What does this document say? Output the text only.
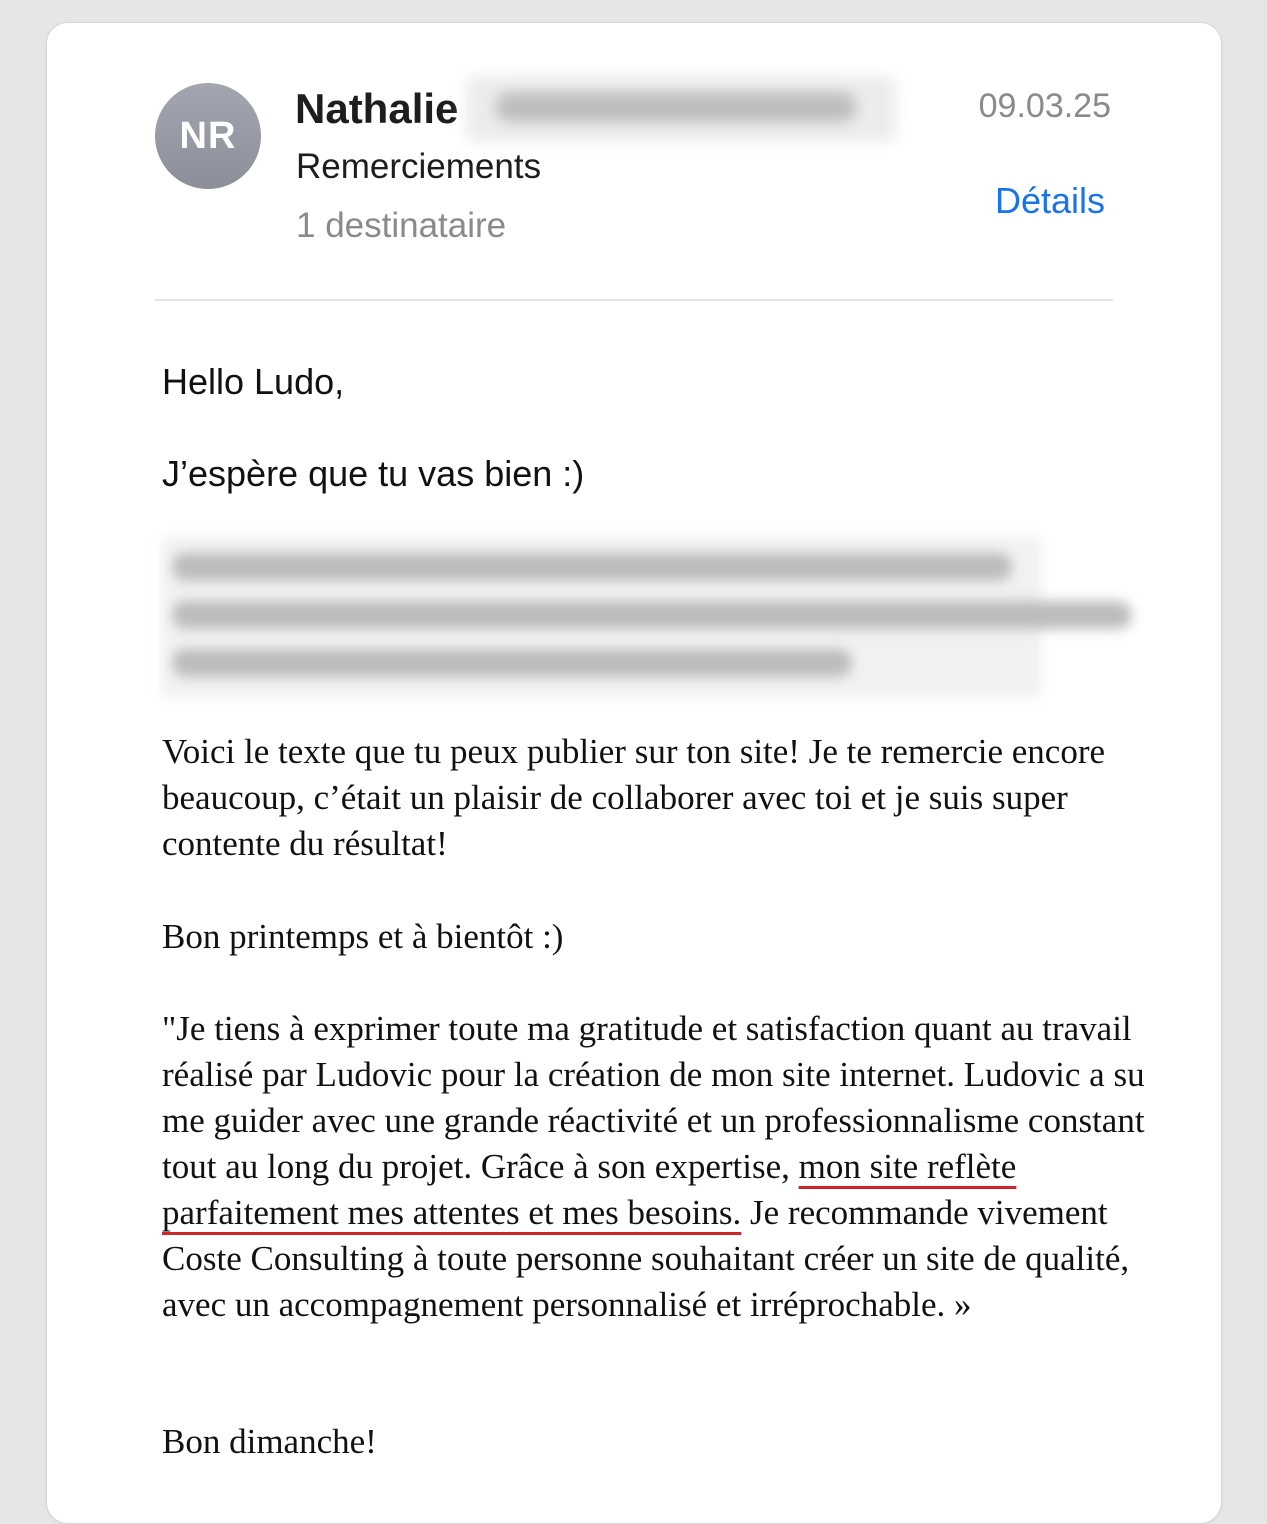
NR
Nathalie
Remerciements
1 destinataire
09.03.25
Détails
Hello Ludo,
J’espère que tu vas bien :)

Voici le texte que tu peux publier sur ton site! Je te remercie encore beaucoup, c’était un plaisir de collaborer avec toi et je suis super contente du résultat!

Bon printemps et à bientôt :)

"Je tiens à exprimer toute ma gratitude et satisfaction quant au travail réalisé par Ludovic pour la création de mon site internet. Ludovic a su me guider avec une grande réactivité et un professionnalisme constant tout au long du projet. Grâce à son expertise, mon site reflète parfaitement mes attentes et mes besoins. Je recommande vivement Coste Consulting à toute personne souhaitant créer un site de qualité, avec un accompagnement personnalisé et irréprochable. »

Bon dimanche!
